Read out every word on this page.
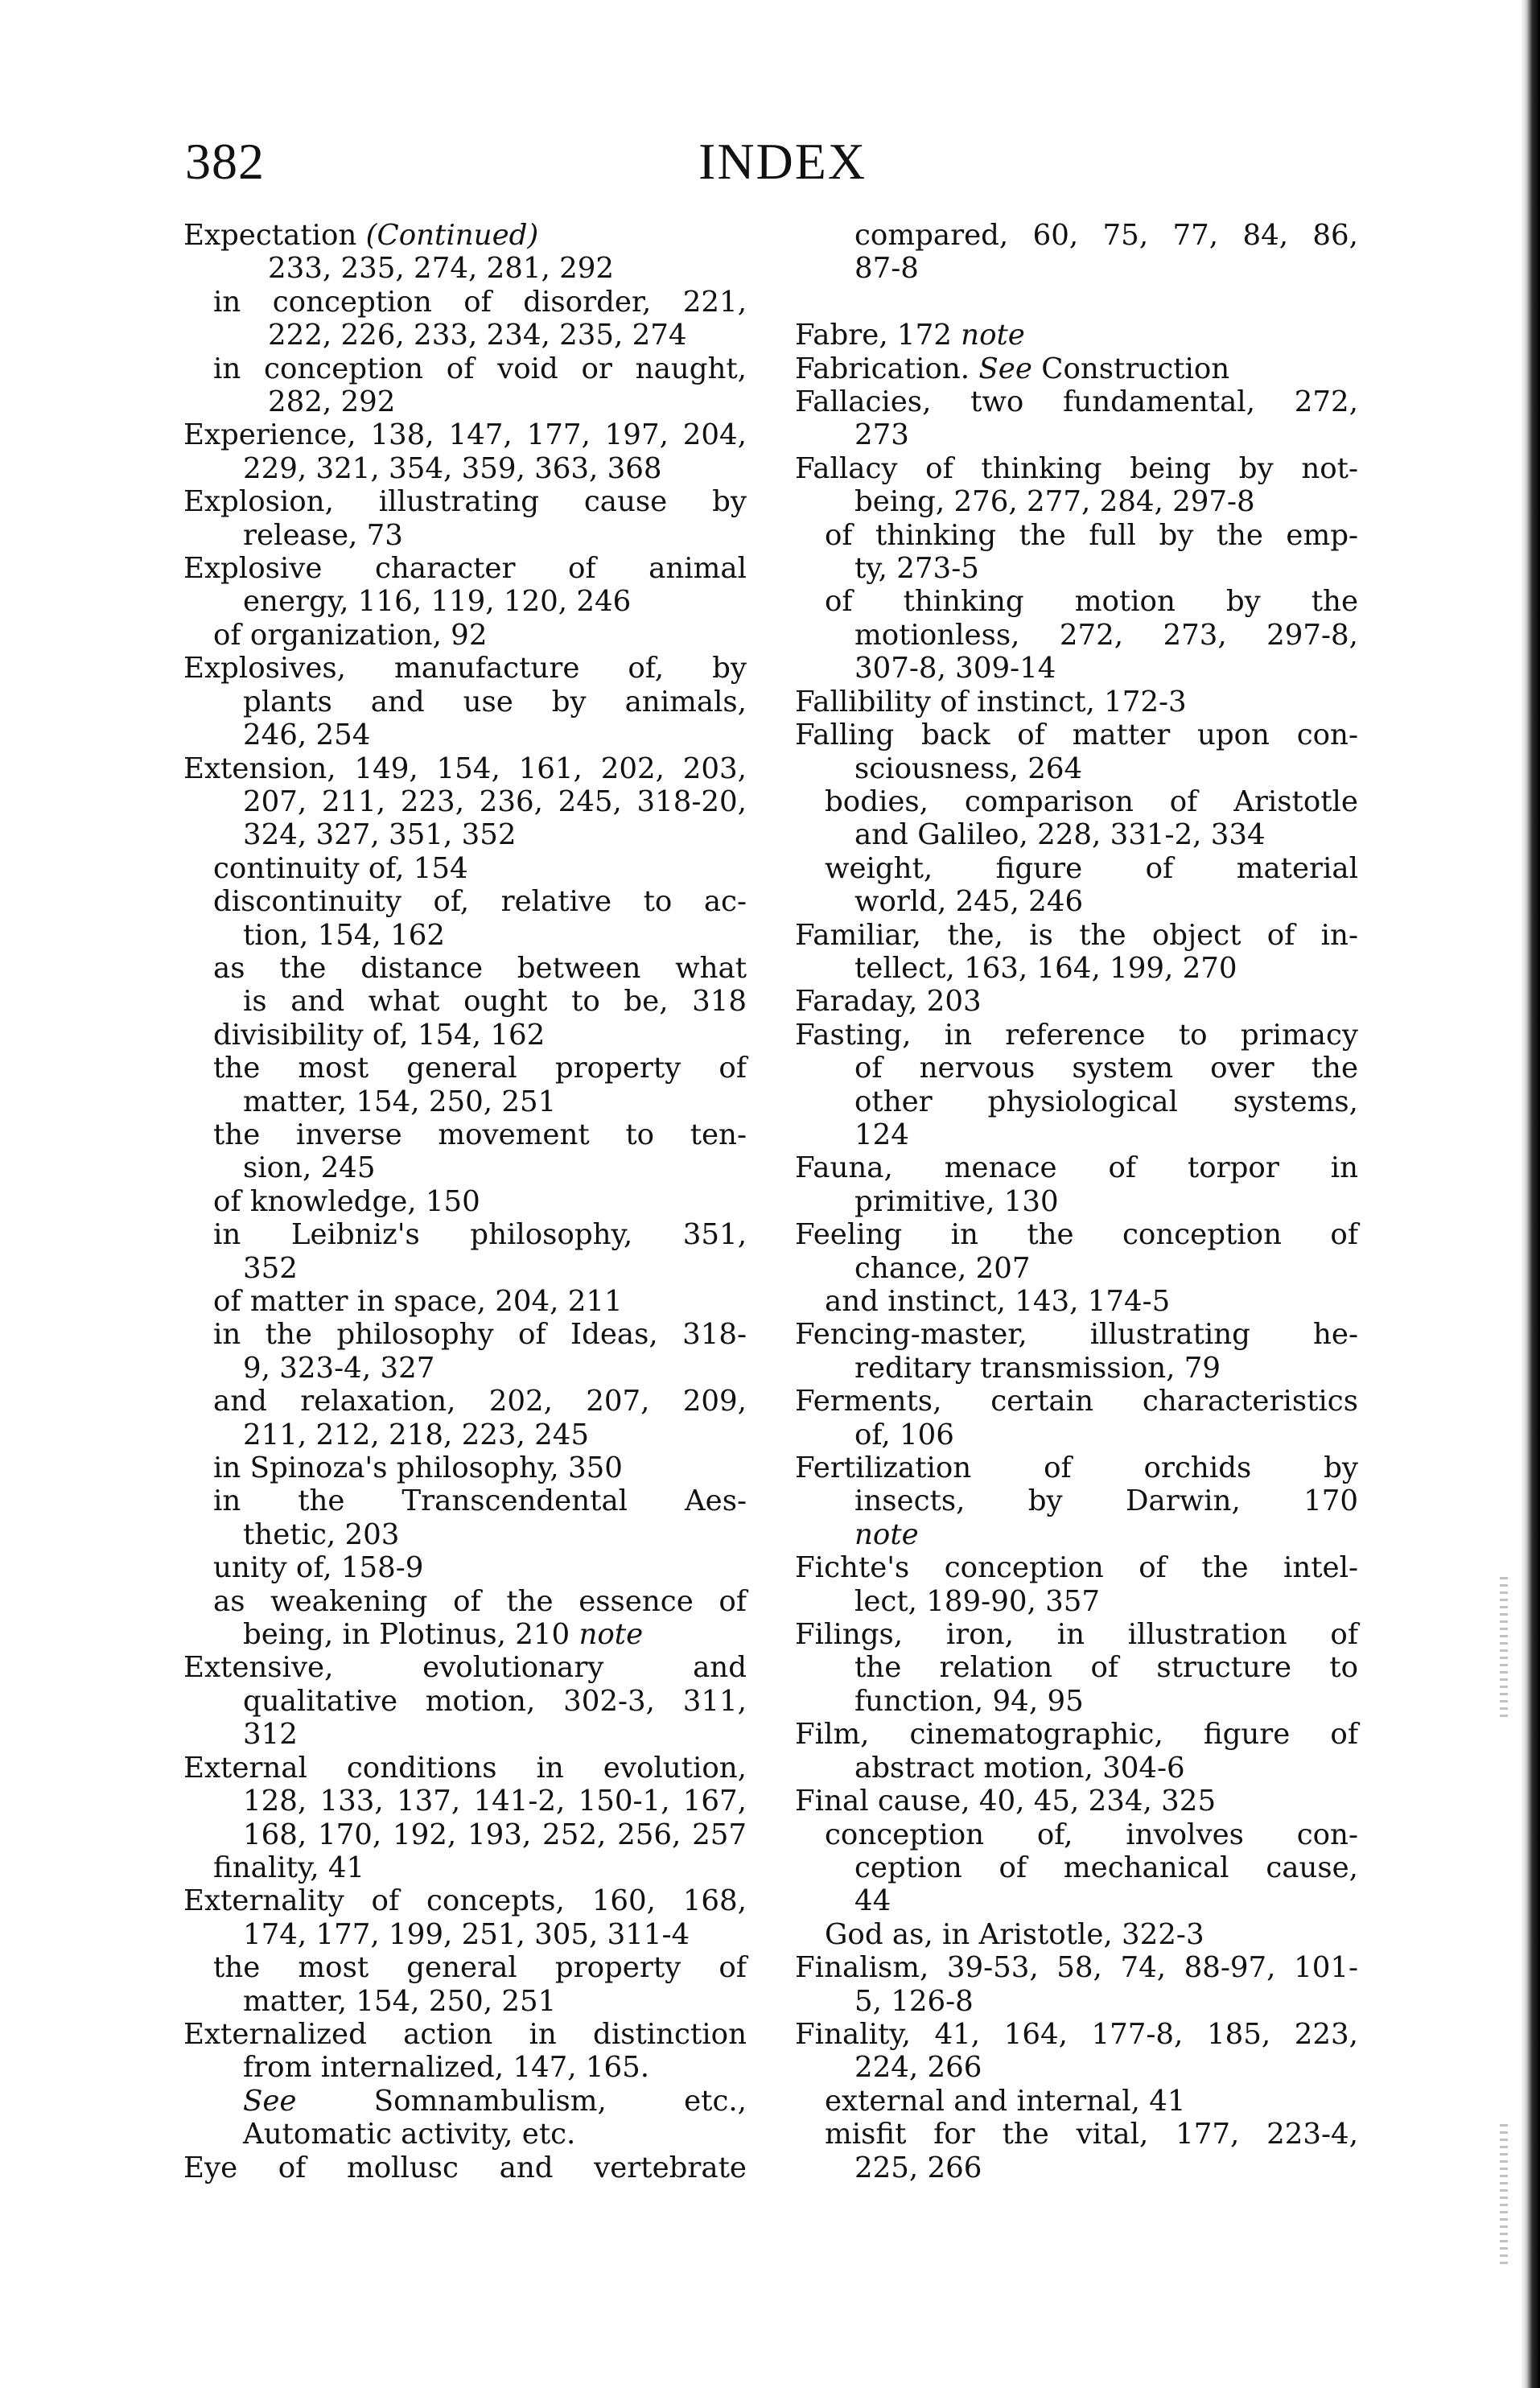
382	INDEX
Expectation (Continued)
233, 235, 274, 281, 292
in conception of disorder, 221,
222, 226, 233, 234, 235, 274
in conception of void or naught,
282, 292
Experience, 138, 147, 177, 197, 204,
229, 321, 354, 359, 363, 368
Explosion, illustrating cause by
release, 73
Explosive character of animal
energy, 116, 119, 120, 246
of organization, 92
Explosives, manufacture of, by
plants and use by animals,
246, 254
Extension, 149, 154, 161, 202, 203,
207, 211, 223, 236, 245, 318-20,
324, 327, 351, 352
continuity of, 154
discontinuity of, relative to ac-
tion, 154, 162
as the distance between what
is and what ought to be, 318
divisibility of, 154, 162
the most general property of
matter, 154, 250, 251
the inverse movement to ten-
sion, 245
of knowledge, 150
in Leibniz's philosophy, 351,
352
of matter in space, 204, 211
in the philosophy of Ideas, 318-
9, 323-4, 327
and relaxation, 202, 207, 209,
211, 212, 218, 223, 245
in Spinoza's philosophy, 350
in the Transcendental Aes-
thetic, 203
unity of, 158-9
as weakening of the essence of
being, in Plotinus, 210 note
Extensive, evolutionary and
qualitative motion, 302-3, 311,
312
External conditions in evolution,
128, 133, 137, 141-2, 150-1, 167,
168, 170, 192, 193, 252, 256, 257
finality, 41
Externality of concepts, 160, 168,
174, 177, 199, 251, 305, 311-4
the most general property of
matter, 154, 250, 251
Externalized action in distinction
from internalized, 147, 165.
See Somnambulism, etc.,
Automatic activity, etc.
Eye of mollusc and vertebrate
compared, 60, 75, 77, 84, 86,
87-8

Fabre, 172 note
Fabrication. See Construction
Fallacies, two fundamental, 272,
273
Fallacy of thinking being by not-
being, 276, 277, 284, 297-8
of thinking the full by the emp-
ty, 273-5
of thinking motion by the
motionless, 272, 273, 297-8,
307-8, 309-14
Fallibility of instinct, 172-3
Falling back of matter upon con-
sciousness, 264
bodies, comparison of Aristotle
and Galileo, 228, 331-2, 334
weight, figure of material
world, 245, 246
Familiar, the, is the object of in-
tellect, 163, 164, 199, 270
Faraday, 203
Fasting, in reference to primacy
of nervous system over the
other physiological systems,
124
Fauna, menace of torpor in
primitive, 130
Feeling in the conception of
chance, 207
and instinct, 143, 174-5
Fencing-master, illustrating he-
reditary transmission, 79
Ferments, certain characteristics
of, 106
Fertilization of orchids by
insects, by Darwin, 170
note
Fichte's conception of the intel-
lect, 189-90, 357
Filings, iron, in illustration of
the relation of structure to
function, 94, 95
Film, cinematographic, figure of
abstract motion, 304-6
Final cause, 40, 45, 234, 325
conception of, involves con-
ception of mechanical cause,
44
God as, in Aristotle, 322-3
Finalism, 39-53, 58, 74, 88-97, 101-
5, 126-8
Finality, 41, 164, 177-8, 185, 223,
224, 266
external and internal, 41
misfit for the vital, 177, 223-4,
225, 266
